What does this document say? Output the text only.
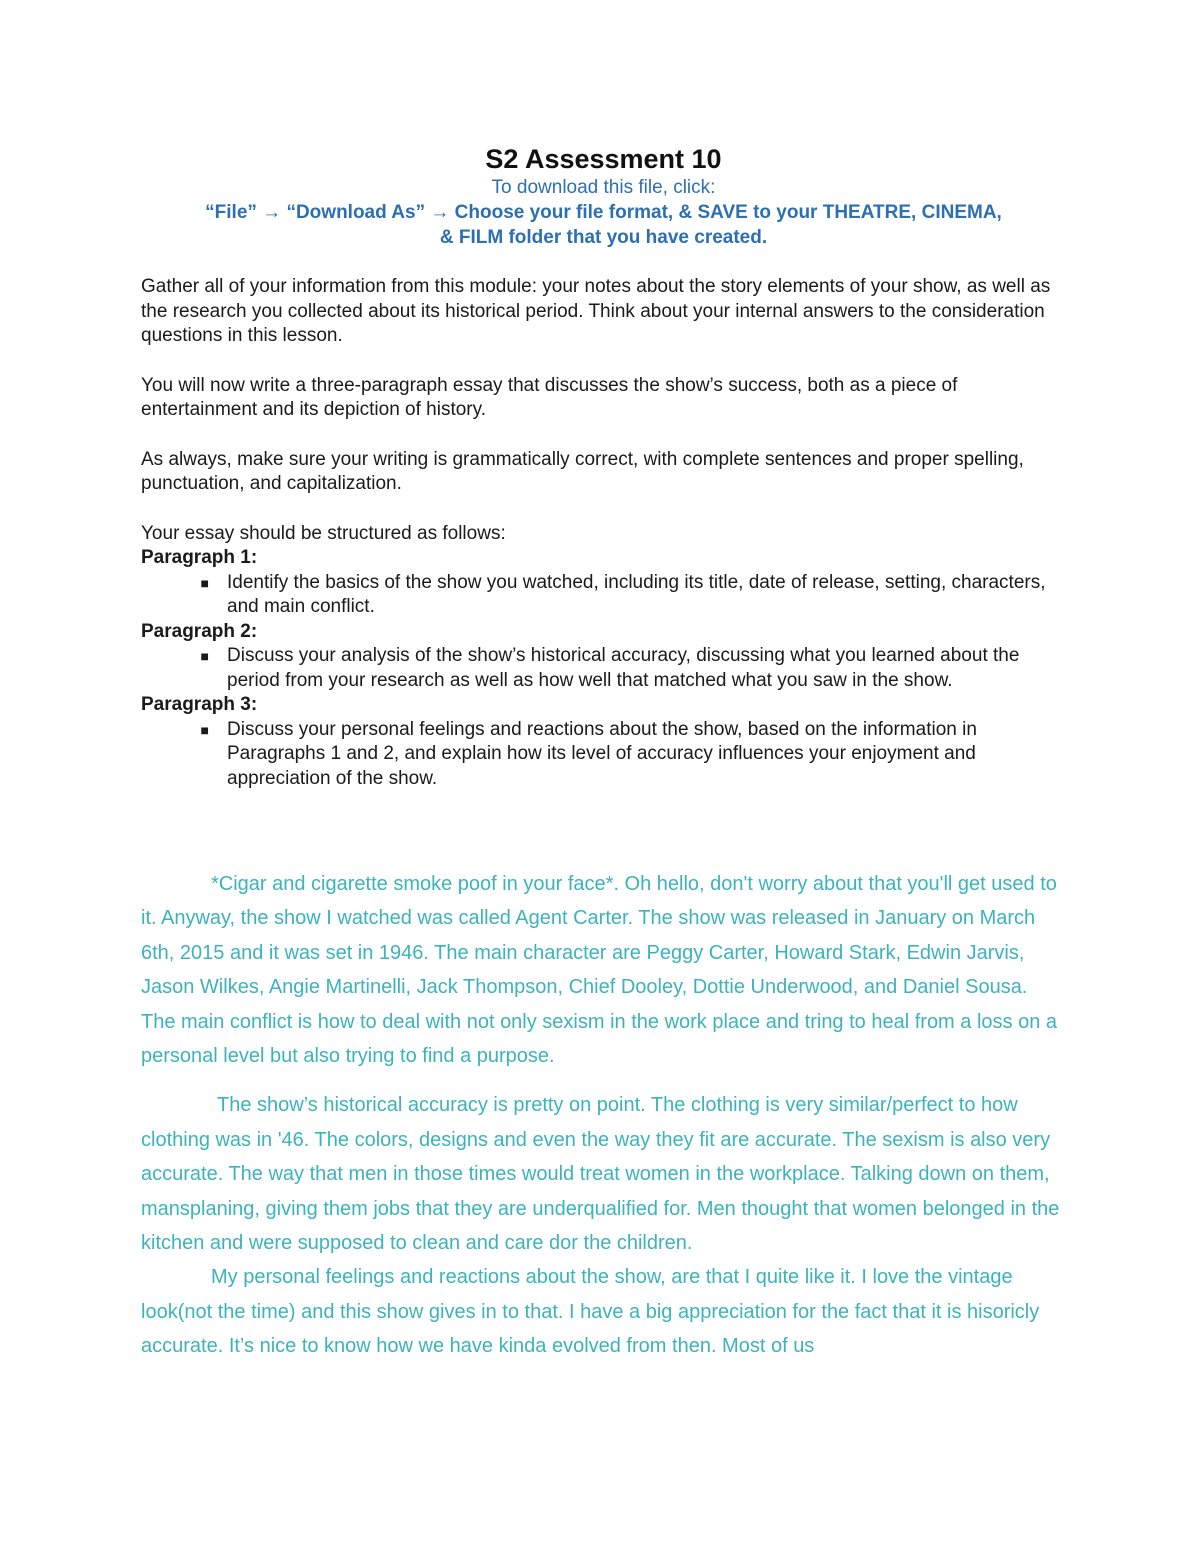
S2 Assessment 10

To download this file, click:

“File” → “Download As” → Choose your file format, & SAVE to your THEATRE, CINEMA,

& FILM folder that you have created.

Gather all of your information from this module: your notes about the story elements of your show, as well as the research you collected about its historical period. Think about your internal answers to the consideration questions in this lesson.

You will now write a three-paragraph essay that discusses the show’s success, both as a piece of entertainment and its depiction of history.

As always, make sure your writing is grammatically correct, with complete sentences and proper spelling, punctuation, and capitalization.

Your essay should be structured as follows:

Paragraph 1:

■ Identify the basics of the show you watched, including its title, date of release, setting, characters, and main conflict.

Paragraph 2:

■ Discuss your analysis of the show’s historical accuracy, discussing what you learned about the period from your research as well as how well that matched what you saw in the show.

Paragraph 3:

■ Discuss your personal feelings and reactions about the show, based on the information in Paragraphs 1 and 2, and explain how its level of accuracy influences your enjoyment and appreciation of the show.

*Cigar and cigarette smoke poof in your face*. Oh hello, don't worry about that you'll get used to it. Anyway, the show I watched was called Agent Carter. The show was released in January on March 6th, 2015 and it was set in 1946. The main character are Peggy Carter, Howard Stark, Edwin Jarvis, Jason Wilkes, Angie Martinelli, Jack Thompson, Chief Dooley, Dottie Underwood, and Daniel Sousa. The main conflict is how to deal with not only sexism in the work place and tring to heal from a loss on a personal level but also trying to find a purpose.

The show’s historical accuracy is pretty on point. The clothing is very similar/perfect to how clothing was in '46. The colors, designs and even the way they fit are accurate. The sexism is also very accurate. The way that men in those times would treat women in the workplace. Talking down on them, mansplaning, giving them jobs that they are underqualified for. Men thought that women belonged in the kitchen and were supposed to clean and care dor the children.

My personal feelings and reactions about the show, are that I quite like it. I love the vintage look(not the time) and this show gives in to that. I have a big appreciation for the fact that it is hisoricly accurate. It’s nice to know how we have kinda evolved from then. Most of us
